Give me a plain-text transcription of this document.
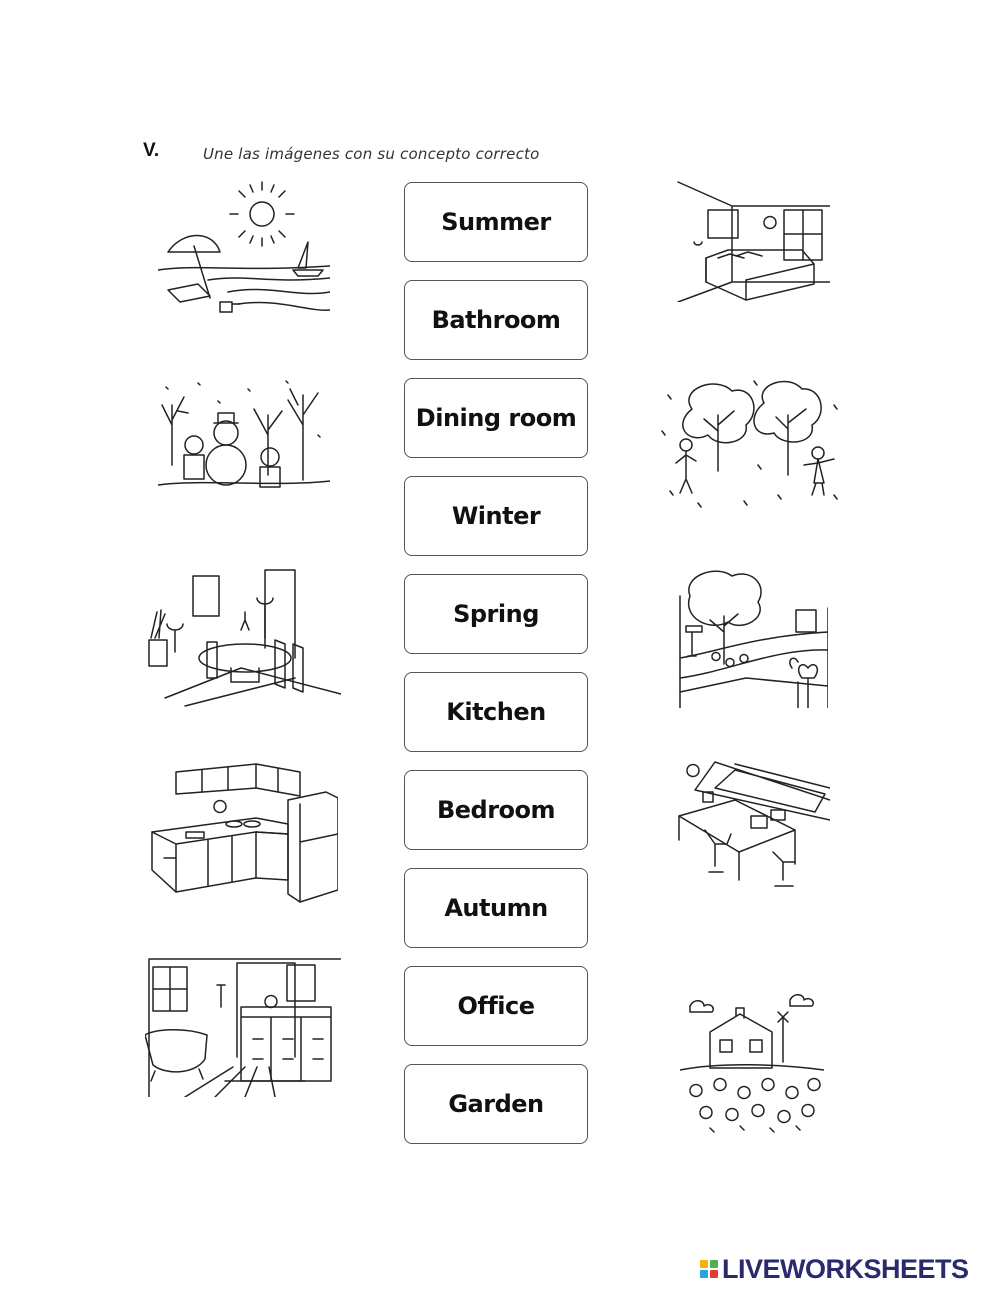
V.	Une las imágenes con su concepto correcto
Summer
Bathroom
Dining room
Winter
Spring
Kitchen
Bedroom
Autumn
Office
Garden
LIVEWORKSHEETS
